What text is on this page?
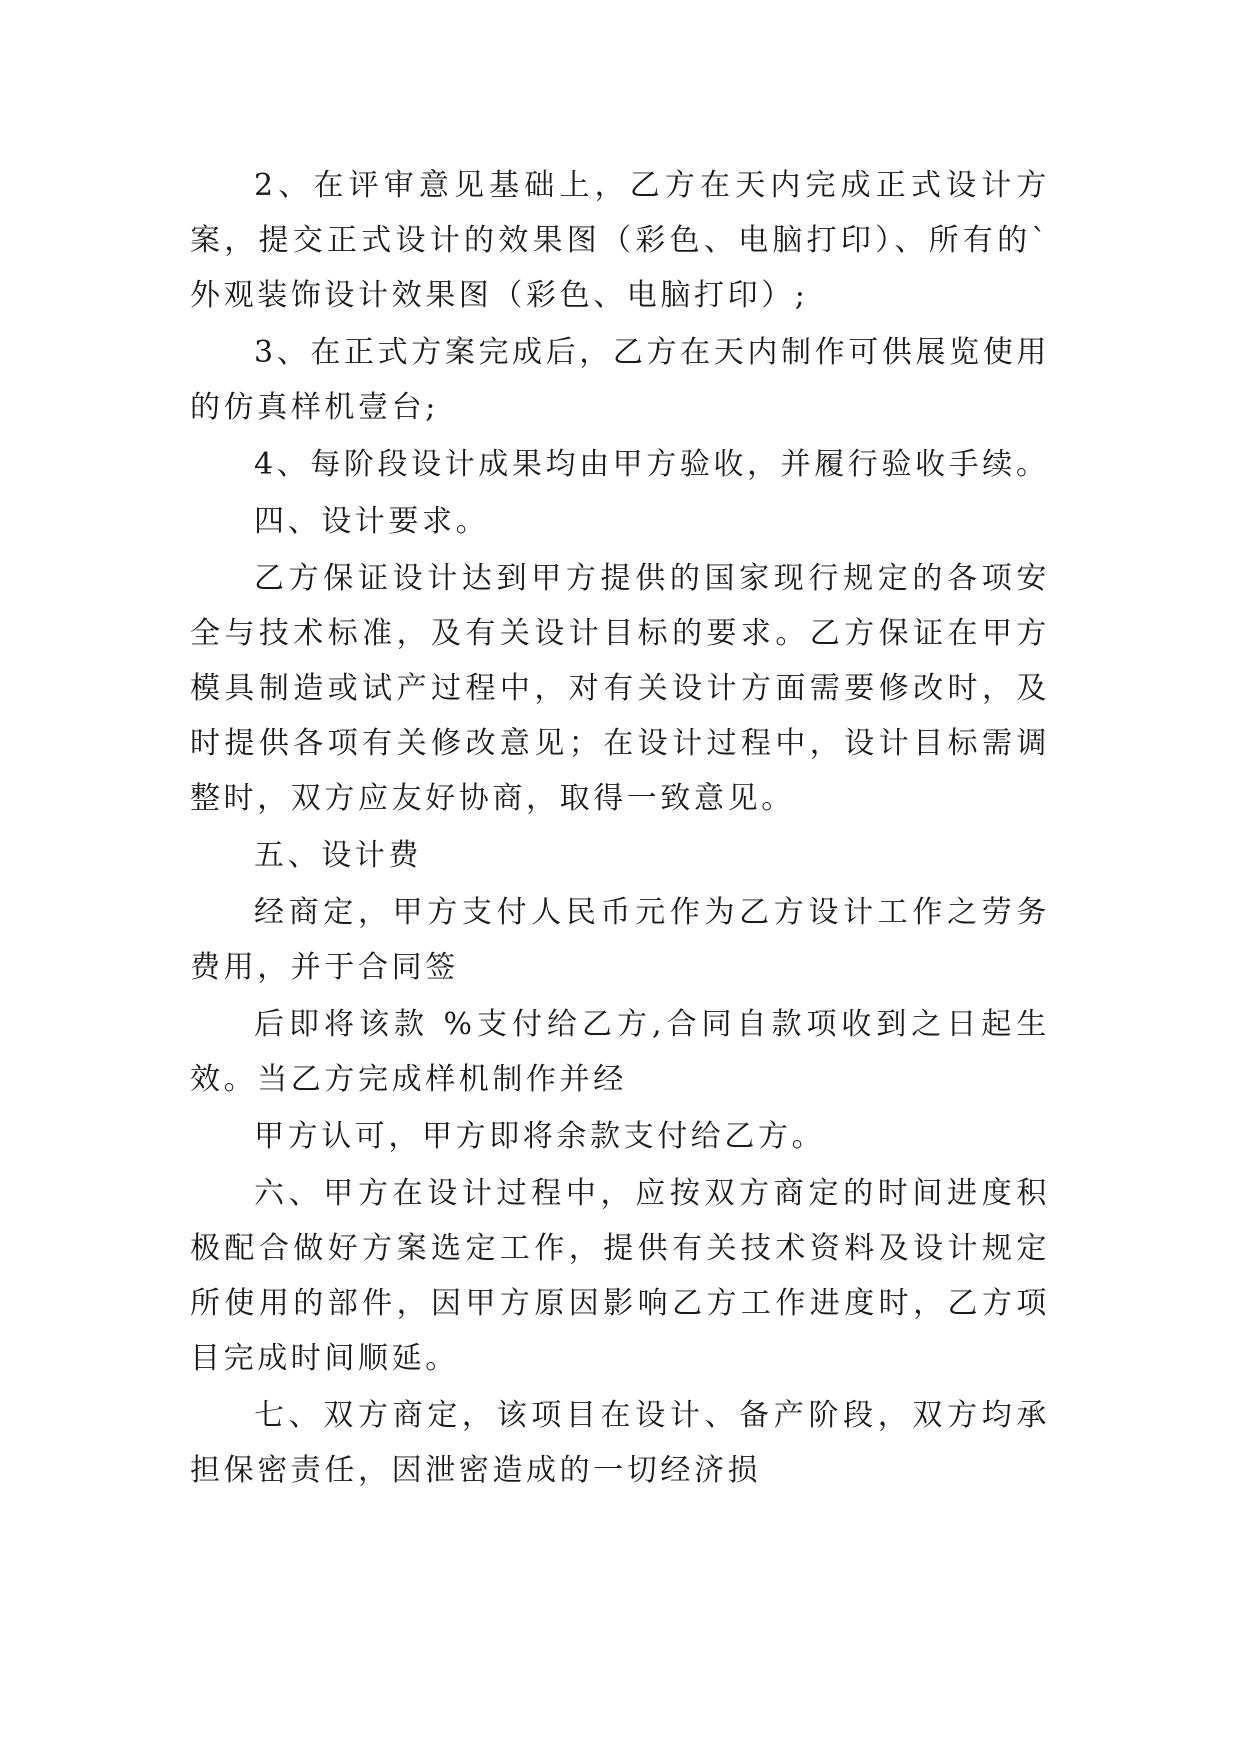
2、在评审意见基础上，乙方在天内完成正式设计方案，提交正式设计的效果图（彩色、电脑打印）、所有的`外观装饰设计效果图（彩色、电脑打印）;

3、在正式方案完成后，乙方在天内制作可供展览使用的仿真样机壹台;

4、每阶段设计成果均由甲方验收，并履行验收手续。

四、设计要求。

乙方保证设计达到甲方提供的国家现行规定的各项安全与技术标准，及有关设计目标的要求。乙方保证在甲方模具制造或试产过程中，对有关设计方面需要修改时，及时提供各项有关修改意见；在设计过程中，设计目标需调整时，双方应友好协商，取得一致意见。

五、设计费

经商定，甲方支付人民币元作为乙方设计工作之劳务费用，并于合同签

后即将该款 %支付给乙方,合同自款项收到之日起生效。当乙方完成样机制作并经

甲方认可，甲方即将余款支付给乙方。

六、甲方在设计过程中，应按双方商定的时间进度积极配合做好方案选定工作，提供有关技术资料及设计规定所使用的部件，因甲方原因影响乙方工作进度时，乙方项目完成时间顺延。

七、双方商定，该项目在设计、备产阶段，双方均承担保密责任，因泄密造成的一切经济损
